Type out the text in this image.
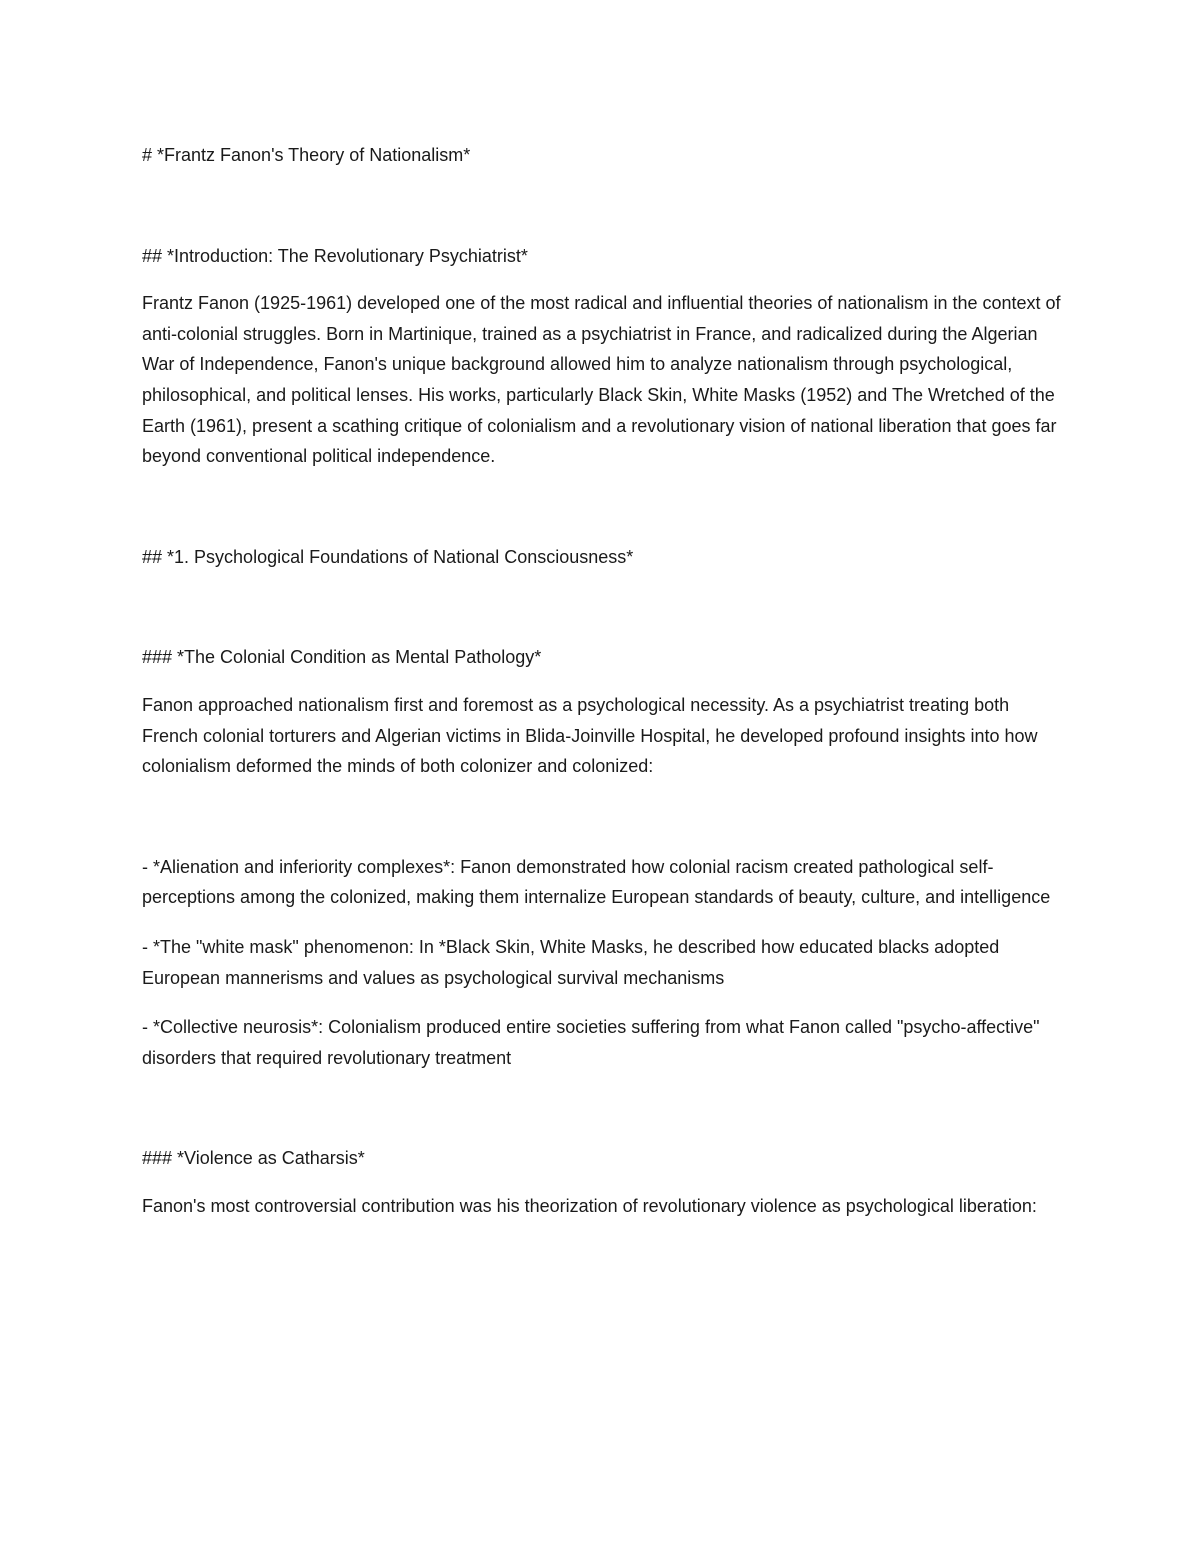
# *Frantz Fanon's Theory of Nationalism*

## *Introduction: The Revolutionary Psychiatrist*

Frantz Fanon (1925-1961) developed one of the most radical and influential theories of nationalism in the context of anti-colonial struggles. Born in Martinique, trained as a psychiatrist in France, and radicalized during the Algerian War of Independence, Fanon's unique background allowed him to analyze nationalism through psychological, philosophical, and political lenses. His works, particularly Black Skin, White Masks (1952) and The Wretched of the Earth (1961), present a scathing critique of colonialism and a revolutionary vision of national liberation that goes far beyond conventional political independence.

## *1. Psychological Foundations of National Consciousness*

### *The Colonial Condition as Mental Pathology*

Fanon approached nationalism first and foremost as a psychological necessity. As a psychiatrist treating both French colonial torturers and Algerian victims in Blida-Joinville Hospital, he developed profound insights into how colonialism deformed the minds of both colonizer and colonized:

- *Alienation and inferiority complexes*: Fanon demonstrated how colonial racism created pathological self-perceptions among the colonized, making them internalize European standards of beauty, culture, and intelligence

- *The "white mask" phenomenon: In *Black Skin, White Masks, he described how educated blacks adopted European mannerisms and values as psychological survival mechanisms

- *Collective neurosis*: Colonialism produced entire societies suffering from what Fanon called "psycho-affective" disorders that required revolutionary treatment

### *Violence as Catharsis*

Fanon's most controversial contribution was his theorization of revolutionary violence as psychological liberation:
